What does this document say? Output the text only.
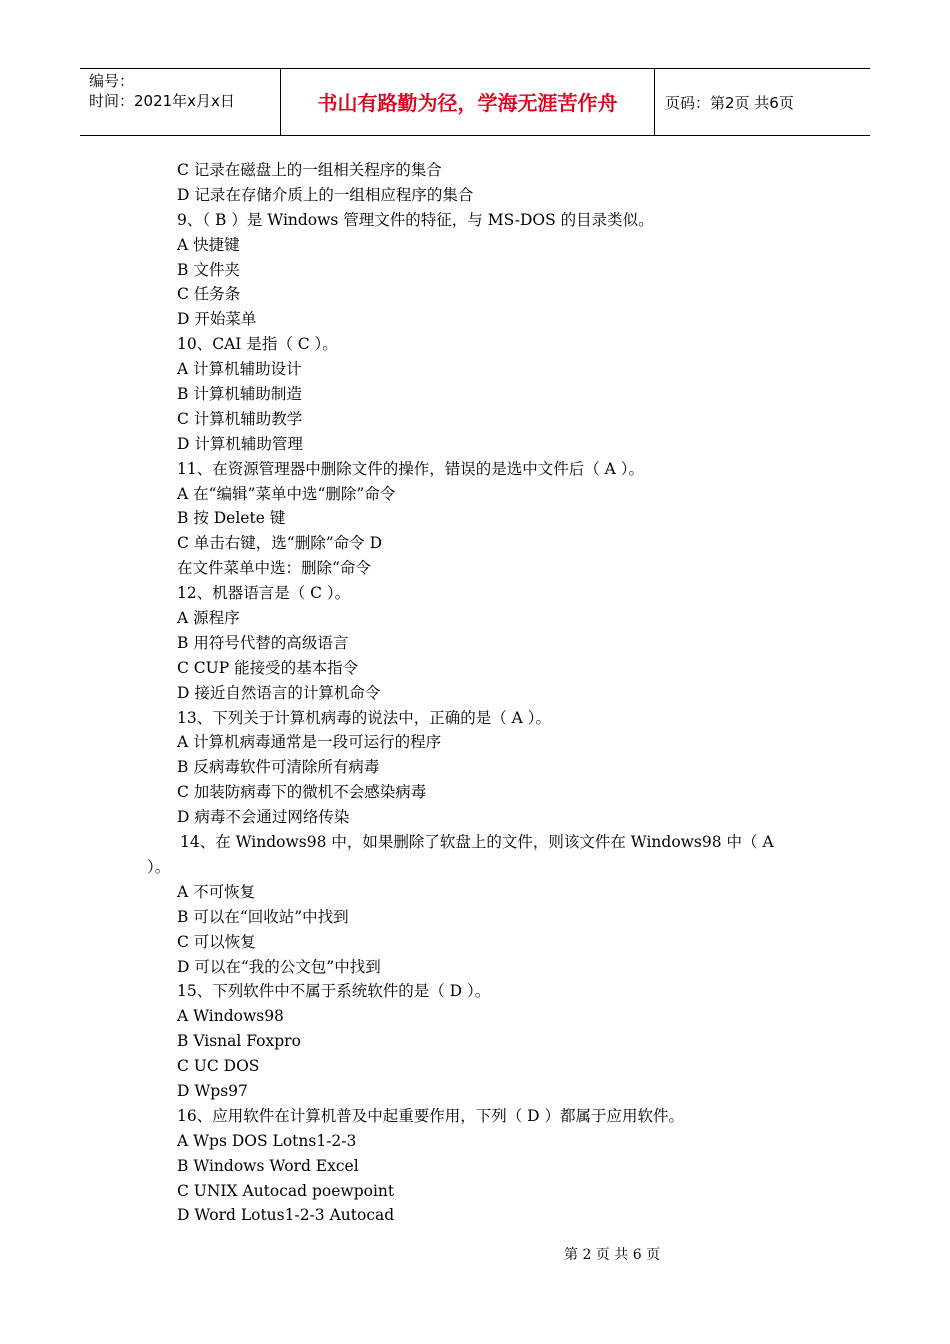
编号：
时间：2021年x月x日	书山有路勤为径，学海无涯苦作舟	页码：第2页 共6页
C 记录在磁盘上的一组相关程序的集合
D 记录在存储介质上的一组相应程序的集合
9、（ B ）是 Windows 管理文件的特征，与 MS-DOS 的目录类似。
A 快捷键
B 文件夹
C 任务条
D 开始菜单
10、CAI 是指（ C ）。
A 计算机辅助设计
B 计算机辅助制造
C 计算机辅助教学
D 计算机辅助管理
11、在资源管理器中删除文件的操作，错误的是选中文件后（ A ）。
A 在“编辑”菜单中选“删除”命令
B 按 Delete 键
C 单击右键，选“删除”命令 D
在文件菜单中选：删除“命令
12、机器语言是（ C ）。
A 源程序
B 用符号代替的高级语言
C CUP 能接受的基本指令
D 接近自然语言的计算机命令
13、下列关于计算机病毒的说法中，正确的是（ A ）。
A 计算机病毒通常是一段可运行的程序
B 反病毒软件可清除所有病毒
C 加装防病毒下的微机不会感染病毒
D 病毒不会通过网络传染
14、在 Windows98 中，如果删除了软盘上的文件，则该文件在 Windows98 中（ A
）。
A 不可恢复
B 可以在“回收站”中找到
C 可以恢复
D 可以在“我的公文包”中找到
15、下列软件中不属于系统软件的是（ D ）。
A Windows98
B Visnal Foxpro
C UC DOS
D Wps97
16、应用软件在计算机普及中起重要作用，下列（ D ）都属于应用软件。
A Wps DOS Lotns1-2-3
B Windows Word Excel
C UNIX Autocad poewpoint
D Word Lotus1-2-3 Autocad
第 2 页 共 6 页
